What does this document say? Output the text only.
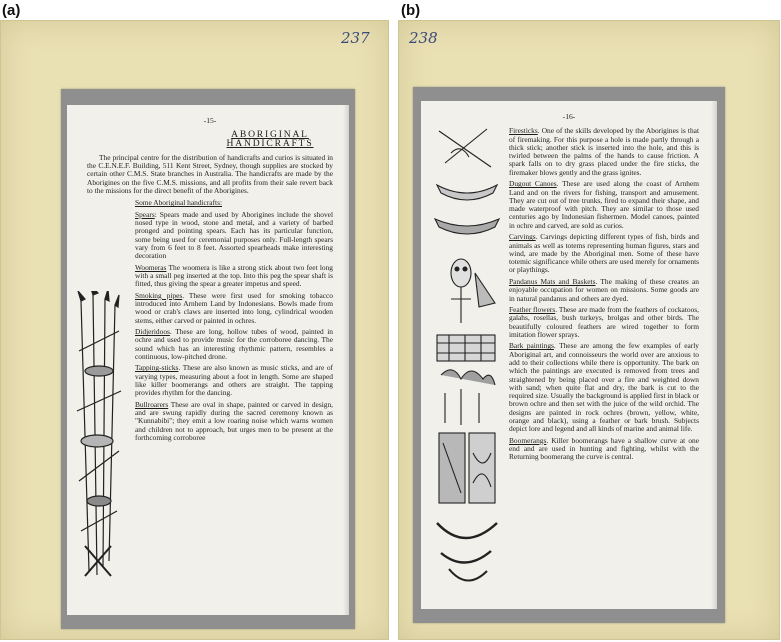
(a)	(b)
237
-15-
ABORIGINAL
HANDICRAFTS

The principal centre for the distribution of handicrafts and curios is situated in the C.E.N.E.F. Building, 511 Kent Street, Sydney, though supplies are stocked by certain other C.M.S. State branches in Australia. The handicrafts are made by the Aborigines on the five C.M.S. missions, and all profits from their sale revert back to the missions for the direct benefit of the Aborigines.

Some Aboriginal handicrafts:

Spears: Spears made and used by Aborigines include the shovel nosed type in wood, stone and metal, and a variety of barbed pronged and pointing spears. Each has its particular function, some being used for ceremonial purposes only. Full-length spears vary from 6 feet to 8 feet. Assorted spearheads make interesting decoration

Woomeras The woomera is like a strong stick about two feet long with a small peg inserted at the top. Into this peg the spear shaft is fitted, thus giving the spear a greater impetus and speed.

Smoking pipes. These were first used for smoking tobacco introduced into Arnhem Land by Indonesians. Bowls made from wood or crab's claws are inserted into long, cylindrical wooden stems, either carved or painted in ochres.

Didjeridoos. These are long, hollow tubes of wood, painted in ochre and used to provide music for the corroboree dancing. The sound which has an interesting rhythmic pattern, resembles a continuous, low-pitched drone.

Tapping-sticks. These are also known as music sticks, and are of varying types, measuring about a foot in length. Some are shaped like killer boomerangs and others are straight. The tapping provides rhythm for the dancing.

Bullroarers These are oval in shape, painted or carved in design, and are swung rapidly during the sacred ceremony known as "Kunnabibi"; they emit a low roaring noise which warns women and children not to approach, but urges men to be present at the forthcoming corroboree

238
-16-

Firesticks. One of the skills developed by the Aborigines is that of firemaking. For this purpose a hole is made partly through a thick stick; another stick is inserted into the hole, and this is twirled between the palms of the hands to cause friction. A spark falls on to dry grass placed under the fire sticks, the firemaker blows gently and the grass ignites.

Dugout Canoes. These are used along the coast of Arnhem Land and on the rivers for fishing, transport and amusement. They are cut out of tree trunks, fired to expand their shape, and made waterproof with pitch. They are similar to those used centuries ago by Indonesian fishermen. Model canoes, painted in ochre and carved, are sold as curios.

Carvings. Carvings depicting different types of fish, birds and animals as well as totems representing human figures, stars and wind, are made by the Aboriginal men. Some of these have totemic significance while others are used merely for ornaments or playthings.

Pandanus Mats and Baskets. The making of these creates an enjoyable occupation for women on missions. Some goods are in natural pandanus and others are dyed.

Feather flowers. These are made from the feathers of cockatoos, galahs, rosellas, bush turkeys, brolgas and other birds. The beautifully coloured feathers are wired together to form imitation flower sprays.

Bark paintings. These are among the few examples of early Aboriginal art, and connoisseurs the world over are anxious to add to their collections while there is opportunity. The bark on which the paintings are executed is removed from trees and straightened by being placed over a fire and weighted down with sand; when quite flat and dry, the bark is cut to the required size. Usually the background is applied first in black or brown ochre and then set with the juice of the wild orchid. The designs are painted in rock ochres (brown, yellow, white, orange and black), using a feather or bark brush. Subjects depict lore and legend and all kinds of marine and animal life.

Boomerangs. Killer boomerangs have a shallow curve at one end and are used in hunting and fighting, whilst with the Returning boomerang the curve is central.
